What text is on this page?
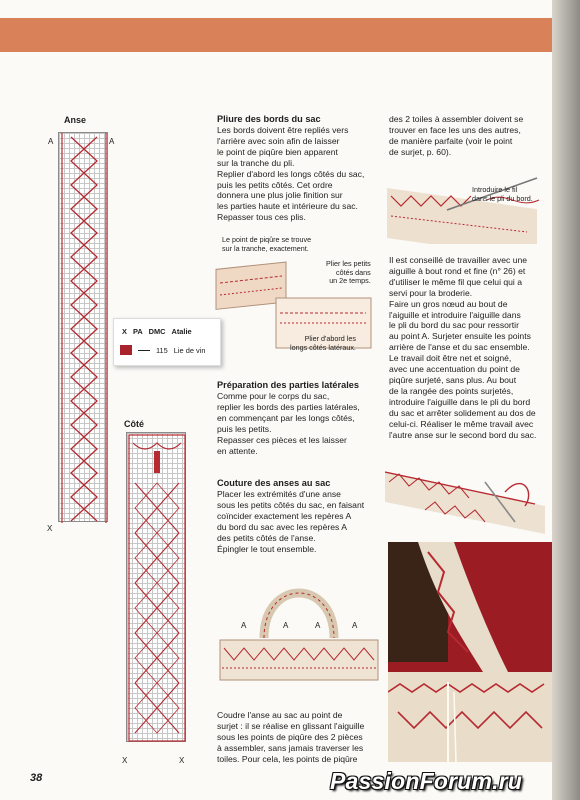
Anse
A	A
X
X PA DMC Atalie
115 Lie de vin
Côté
X	X
Pliure des bords du sac
Les bords doivent être repliés vers
l'arrière avec soin afin de laisser
le point de piqûre bien apparent
sur la tranche du pli.
Replier d'abord les longs côtés du sac,
puis les petits côtés. Cet ordre
donnera une plus jolie finition sur
les parties haute et intérieure du sac.
Repasser tous ces plis.
Le point de piqûre se trouve
sur la tranche, exactement.
Plier les petits
côtés dans
un 2e temps.
Plier d'abord les
longs côtés latéraux.
Préparation des parties latérales
Comme pour le corps du sac,
replier les bords des parties latérales,
en commençant par les longs côtés,
puis les petits.
Repasser ces pièces et les laisser
en attente.
Couture des anses au sac
Placer les extrémités d'une anse
sous les petits côtés du sac, en faisant
coïncider exactement les repères A
du bord du sac avec les repères A
des petits côtés de l'anse.
Épingler le tout ensemble.
A	A	A	A
Coudre l'anse au sac au point de
surjet : il se réalise en glissant l'aiguille
sous les points de piqûre des 2 pièces
à assembler, sans jamais traverser les
toiles. Pour cela, les points de piqûre
des 2 toiles à assembler doivent se
trouver en face les uns des autres,
de manière parfaite (voir le point
de surjet, p. 60).
Introduire le fil
dans le pli du bord.
Il est conseillé de travailler avec une
aiguille à bout rond et fine (n° 26) et
d'utiliser le même fil que celui qui a
servi pour la broderie.
Faire un gros nœud au bout de
l'aiguille et introduire l'aiguille dans
le pli du bord du sac pour ressortir
au point A. Surjeter ensuite les points
arrière de l'anse et du sac ensemble.
Le travail doit être net et soigné,
avec une accentuation du point de
piqûre surjeté, sans plus. Au bout
de la rangée des points surjetés,
introduire l'aiguille dans le pli du bord
du sac et arrêter solidement au dos de
celui-ci. Réaliser le même travail avec
l'autre anse sur le second bord du sac.
38	PassionForum.ru
